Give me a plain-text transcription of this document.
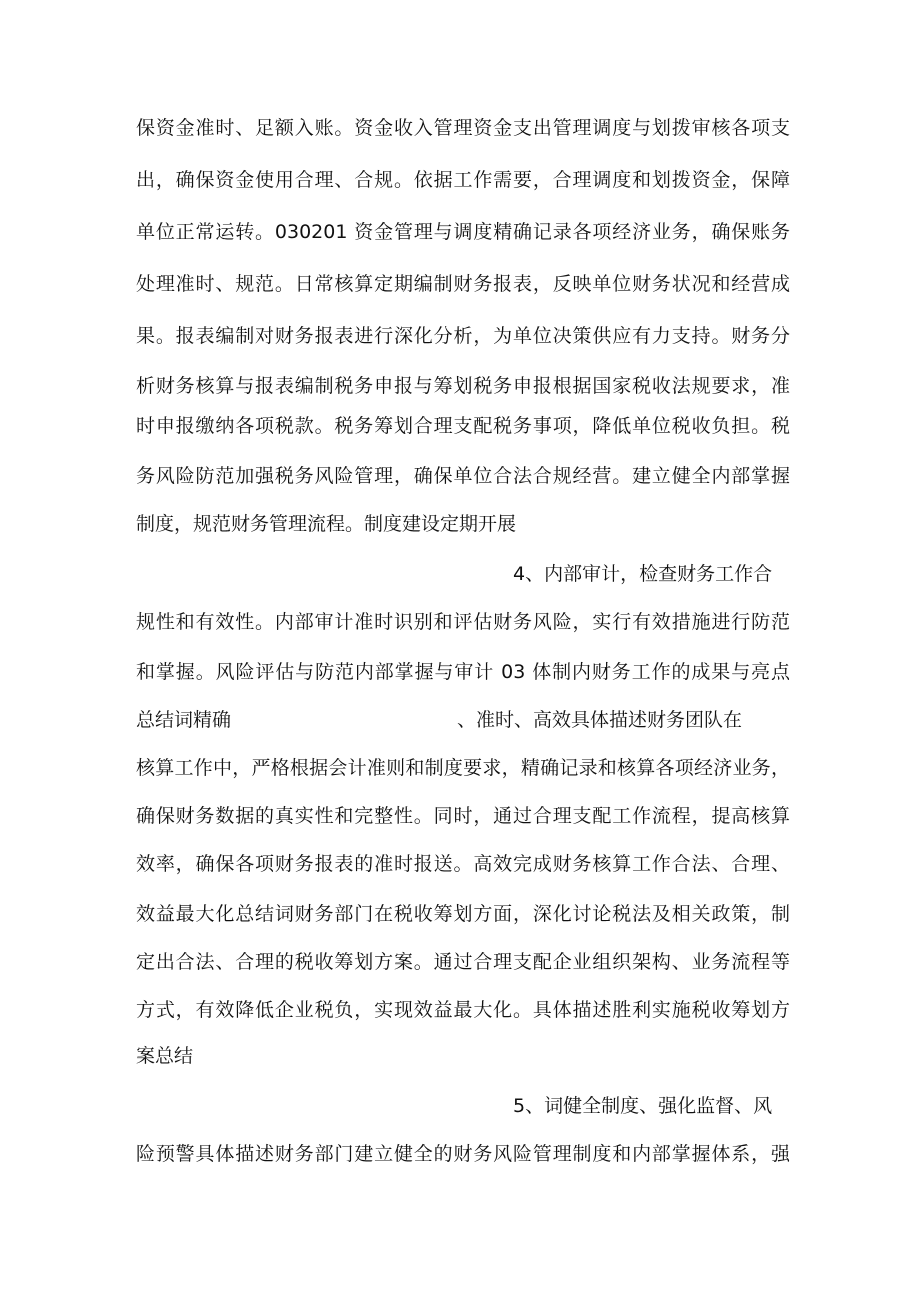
保资金准时、足额入账。资金收入管理资金支出管理调度与划拨审核各项支
出，确保资金使用合理、合规。依据工作需要，合理调度和划拨资金，保障
单位正常运转。030201 资金管理与调度精确记录各项经济业务，确保账务
处理准时、规范。日常核算定期编制财务报表，反映单位财务状况和经营成
果。报表编制对财务报表进行深化分析，为单位决策供应有力支持。财务分
析财务核算与报表编制税务申报与筹划税务申报根据国家税收法规要求，准
时申报缴纳各项税款。税务筹划合理支配税务事项，降低单位税收负担。税
务风险防范加强税务风险管理，确保单位合法合规经营。建立健全内部掌握
制度，规范财务管理流程。制度建设定期开展
4、内部审计，检查财务工作合
规性和有效性。内部审计准时识别和评估财务风险，实行有效措施进行防范
和掌握。风险评估与防范内部掌握与审计 03 体制内财务工作的成果与亮点
总结词精确	、准时、高效具体描述财务团队在
核算工作中，严格根据会计准则和制度要求，精确记录和核算各项经济业务，
确保财务数据的真实性和完整性。同时，通过合理支配工作流程，提高核算
效率，确保各项财务报表的准时报送。高效完成财务核算工作合法、合理、
效益最大化总结词财务部门在税收筹划方面，深化讨论税法及相关政策，制
定出合法、合理的税收筹划方案。通过合理支配企业组织架构、业务流程等
方式，有效降低企业税负，实现效益最大化。具体描述胜利实施税收筹划方
案总结
5、词健全制度、强化监督、风
险预警具体描述财务部门建立健全的财务风险管理制度和内部掌握体系，强
